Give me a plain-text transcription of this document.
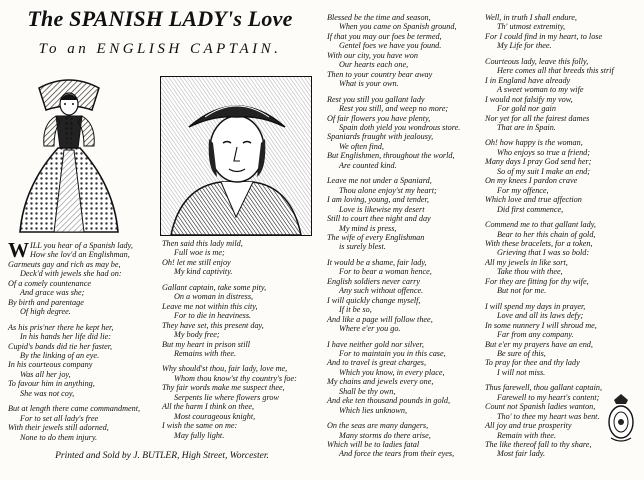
The SPANISH LADY's Love
To an ENGLISH CAPTAIN.

WILL you hear of a Spanish lady,

How she lov'd an Englishman,

Garmeuts gay and rich as may be,

Deck'd with jewels she had on:

Of a comely countenance

And grace was she;

By birth and parentage

Of high degree.

As his pris'ner there he kept her,

In his hands her life did lie:

Cupid's bands did tie her faster,

By the linking of an eye.

In his courteous company

Was all her joy,

To favour him in anything,

She was not coy,

But at length there came commandment,

For to set all lady's free

With their jewels still adorned,

None to do them injury.

Then said this lady mild,

Full woe is me;

Oh! let me still enjoy

My kind captivity.

Gallant captain, take some pity,

On a woman in distress,

Leave me not within this city,

For to die in heaviness.

They have set, this present day,

My body free;

But my heart in prison still

Remains with thee.

Why should'st thou, fair lady, love me,

Whom thou know'st thy country's foe:

Thy fair words make me suspect thee,

Serpents lie where flowers grow

All the harm I think on thee,

Most courageous knight,

I wish the same on me:

May fully light.

Blessed be the time and season,

When you came on Spanish ground,

If that you may our foes be termed,

Gentel foes we have you found.

With our city, you have won

Our hearts each one,

Then to your country bear away

What is your own.

Rest you still you gallant lady

Rest you still, and weep no more;

Of fair flowers you have plenty,

Spain doth yield you wondrous store.

Spaniards fraught with jealousy,

We often find,

But Englishmen, throughout the world,

Are counted kind.

Leave me not under a Spaniard,

Thou alone enjoy'st my heart;

I am loving, young, and tender,

Love is likewise my desert

Still to court thee night and day

My mind is press,

The wife of every Englishman

is surely blest.

It would be a shame, fair lady,

For to bear a woman hence,

English soldiers never carry

Any such without offence.

I will quickly change myself,

If it be so,

And like a page will follow thee,

Where e'er you go.

I have neither gold nor silver,

For to maintain you in this case,

And to travel is great charges,

Which you know, in every place,

My chains and jewels every one,

Shall be thy own,

And eke ten thousand pounds in gold,

Which lies unknown,

On the seas are many dangers,

Many storms do there arise,

Which will be to ladies fatal

And force the tears from their eyes,

Well, in truth I shall endure,

Th' utmost extremity,

For I could find in my heart, to lose

My Life for thee.

Courteous lady, leave this folly,

Here comes all that breeds this strif

I in England have already

A sweet woman to my wife

I would not falsify my vow,

For gold nor gain

Nor yet for all the fairest dames

That are in Spain.

Oh! how happy is the woman,

Who enjoys so true a friend;

Many days I pray God send her;

So of my suit I make an end;

On my knees I pardon crave

For my offence,

Which love and true affection

Did first commence,

Commend me to that gallant lady,

Bear to her this chain of gold,

With these bracelets, for a token,

Grieving that I was so bold:

All my jewels in like sort,

Take thou with thee,

For they are fitting for thy wife,

But not for me.

I will spend my days in prayer,

Love and all its laws defy;

In some nunnery I will shroud me,

Far from any company.

But e'er my prayers have an end,

Be sure of this,

To pray for thee and thy lady

I will not miss.

Thus farewell, thou gallant captain,

Farewell to my heart's content;

Count not Spanish ladies wanton,

Tho' to thee my heart was bent.

All joy and true prosperity

Remain with thee.

The like thereof fall to thy share,

Most fair lady.

Printed and Sold by J. BUTLER, High Street, Worcester.
